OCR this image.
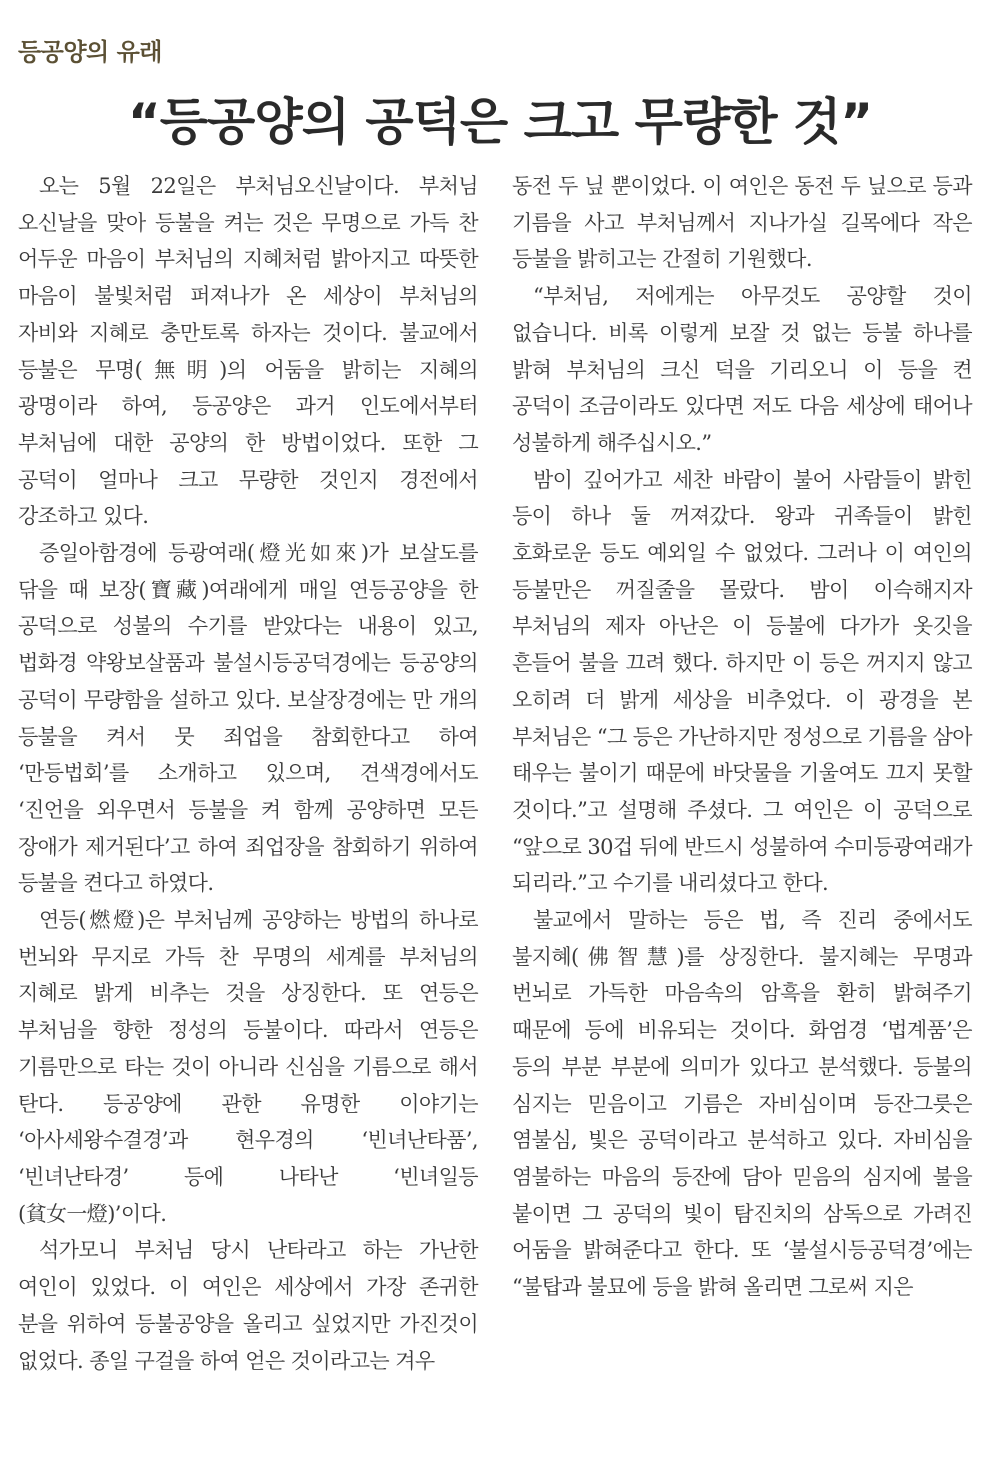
등공양의 유래
“등공양의 공덕은 크고 무량한 것”

오는 5월 22일은 부처님오신날이다. 부처님 오신날을 맞아 등불을 켜는 것은 무명으로 가득 찬 어두운 마음이 부처님의 지혜처럼 밝아지고 따뜻한 마음이 불빛처럼 퍼져나가 온 세상이 부처님의 자비와 지혜로 충만토록 하자는 것이다. 불교에서 등불은 무명(無明)의 어둠을 밝히는 지혜의 광명이라 하여, 등공양은 과거 인도에서부터 부처님에 대한 공양의 한 방법이었다. 또한 그 공덕이 얼마나 크고 무량한 것인지 경전에서 강조하고 있다.

증일아함경에 등광여래(燈光如來)가 보살도를 닦을 때 보장(寶藏)여래에게 매일 연등공양을 한 공덕으로 성불의 수기를 받았다는 내용이 있고, 법화경 약왕보살품과 불설시등공덕경에는 등공양의 공덕이 무량함을 설하고 있다. 보살장경에는 만 개의 등불을 켜서 뭇 죄업을 참회한다고 하여 ‘만등법회’를 소개하고 있으며, 견색경에서도 ‘진언을 외우면서 등불을 켜 함께 공양하면 모든 장애가 제거된다’고 하여 죄업장을 참회하기 위하여 등불을 켠다고 하였다.

연등(燃燈)은 부처님께 공양하는 방법의 하나로 번뇌와 무지로 가득 찬 무명의 세계를 부처님의 지혜로 밝게 비추는 것을 상징한다. 또 연등은 부처님을 향한 정성의 등불이다. 따라서 연등은 기름만으로 타는 것이 아니라 신심을 기름으로 해서 탄다. 등공양에 관한 유명한 이야기는 ‘아사세왕수결경’과 현우경의 ‘빈녀난타품’, ‘빈녀난타경’ 등에 나타난 ‘빈녀일등(貧女一燈)’이다.

석가모니 부처님 당시 난타라고 하는 가난한 여인이 있었다. 이 여인은 세상에서 가장 존귀한 분을 위하여 등불공양을 올리고 싶었지만 가진것이 없었다. 종일 구걸을 하여 얻은 것이라고는 겨우

동전 두 닢 뿐이었다. 이 여인은 동전 두 닢으로 등과 기름을 사고 부처님께서 지나가실 길목에다 작은 등불을 밝히고는 간절히 기원했다.

“부처님, 저에게는 아무것도 공양할 것이 없습니다. 비록 이렇게 보잘 것 없는 등불 하나를 밝혀 부처님의 크신 덕을 기리오니 이 등을 켠 공덕이 조금이라도 있다면 저도 다음 세상에 태어나 성불하게 해주십시오.”

밤이 깊어가고 세찬 바람이 불어 사람들이 밝힌 등이 하나 둘 꺼져갔다. 왕과 귀족들이 밝힌 호화로운 등도 예외일 수 없었다. 그러나 이 여인의 등불만은 꺼질줄을 몰랐다. 밤이 이슥해지자 부처님의 제자 아난은 이 등불에 다가가 옷깃을 흔들어 불을 끄려 했다. 하지만 이 등은 꺼지지 않고 오히려 더 밝게 세상을 비추었다. 이 광경을 본 부처님은 “그 등은 가난하지만 정성으로 기름을 삼아 태우는 불이기 때문에 바닷물을 기울여도 끄지 못할 것이다.”고 설명해 주셨다. 그 여인은 이 공덕으로 “앞으로 30겁 뒤에 반드시 성불하여 수미등광여래가 되리라.”고 수기를 내리셨다고 한다.

불교에서 말하는 등은 법, 즉 진리 중에서도 불지혜(佛智慧)를 상징한다. 불지혜는 무명과 번뇌로 가득한 마음속의 암흑을 환히 밝혀주기 때문에 등에 비유되는 것이다. 화엄경 ‘법계품’은 등의 부분 부분에 의미가 있다고 분석했다. 등불의 심지는 믿음이고 기름은 자비심이며 등잔그릇은 염불심, 빛은 공덕이라고 분석하고 있다. 자비심을 염불하는 마음의 등잔에 담아 믿음의 심지에 불을 붙이면 그 공덕의 빛이 탐진치의 삼독으로 가려진 어둠을 밝혀준다고 한다. 또 ‘불설시등공덕경’에는 “불탑과 불묘에 등을 밝혀 올리면 그로써 지은
